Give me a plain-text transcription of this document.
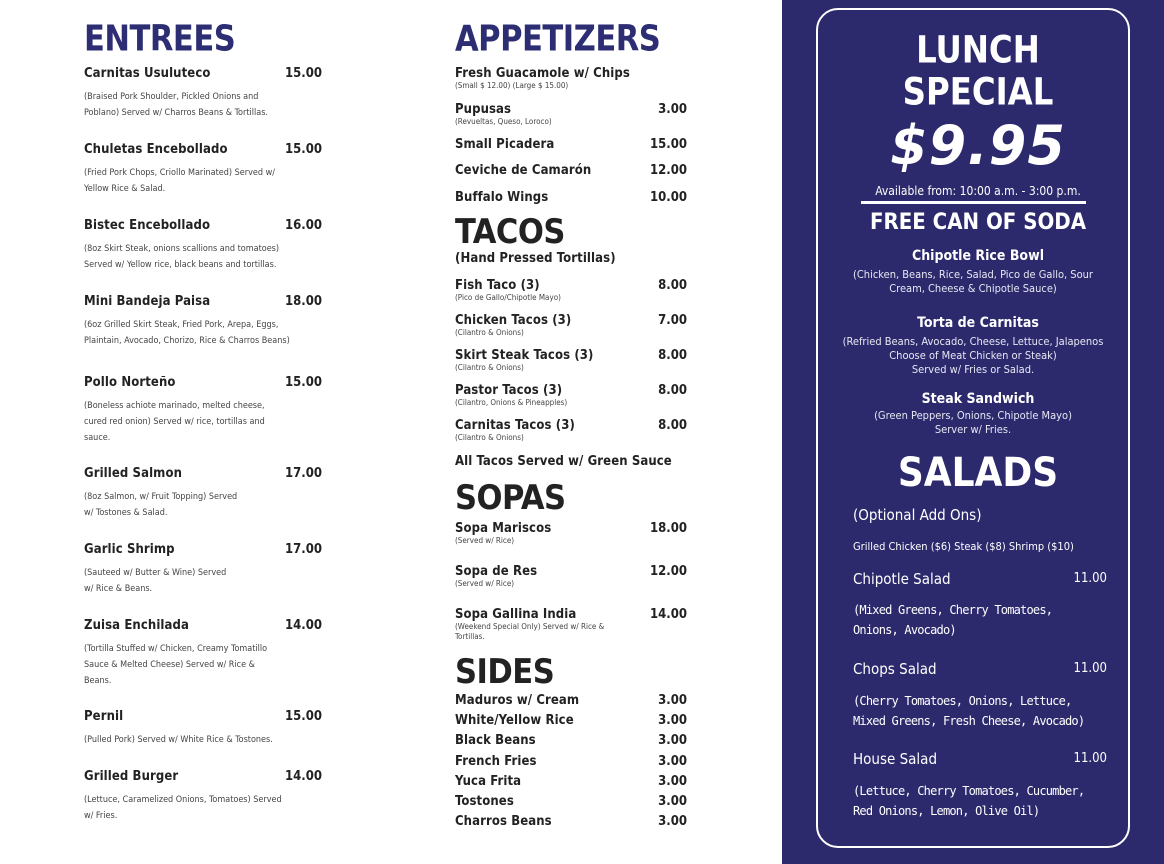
ENTREES
Carnitas Usuluteco	15.00
(Braised Pork Shoulder, Pickled Onions and Poblano) Served w/ Charros Beans & Tortillas.
Chuletas Encebollado	15.00
(Fried Pork Chops, Criollo Marinated) Served w/ Yellow Rice & Salad.
Bistec Encebollado	16.00
(8oz Skirt Steak, onions scallions and tomatoes) Served w/ Yellow rice, black beans and tortillas.
Mini Bandeja Paisa	18.00
(6oz Grilled Skirt Steak, Fried Pork, Arepa, Eggs, Plaintain, Avocado, Chorizo, Rice & Charros Beans)
Pollo Norteño	15.00
(Boneless achiote marinado, melted cheese, cured red onion) Served w/ rice, tortillas and sauce.
Grilled Salmon	17.00
(8oz Salmon, w/ Fruit Topping) Served w/ Tostones & Salad.
Garlic Shrimp	17.00
(Sauteed w/ Butter & Wine) Served w/ Rice & Beans.
Zuisa Enchilada	14.00
(Tortilla Stuffed w/ Chicken, Creamy Tomatillo Sauce & Melted Cheese) Served w/ Rice & Beans.
Pernil	15.00
(Pulled Pork) Served w/ White Rice & Tostones.
Grilled Burger	14.00
(Lettuce, Caramelized Onions, Tomatoes) Served w/ Fries.
APPETIZERS
Fresh Guacamole w/ Chips
(Small $ 12.00) (Large $ 15.00)
Pupusas	3.00
(Revueltas, Queso, Loroco)
Small Picadera	15.00
Ceviche de Camarón	12.00
Buffalo Wings	10.00
TACOS
(Hand Pressed Tortillas)
Fish Taco (3)	8.00
(Pico de Gallo/Chipotle Mayo)
Chicken Tacos (3)	7.00
(Cilantro & Onions)
Skirt Steak Tacos (3)	8.00
(Cilantro & Onions)
Pastor Tacos (3)	8.00
(Cilantro, Onions & Pineapples)
Carnitas Tacos (3)	8.00
(Cilantro & Onions)
All Tacos Served w/ Green Sauce
SOPAS
Sopa Mariscos	18.00
(Served w/ Rice)
Sopa de Res	12.00
(Served w/ Rice)
Sopa Gallina India	14.00
(Weekend Special Only) Served w/ Rice & Tortillas.
SIDES
Maduros w/ Cream	3.00
White/Yellow Rice	3.00
Black Beans	3.00
French Fries	3.00
Yuca Frita	3.00
Tostones	3.00
Charros Beans	3.00
LUNCH
SPECIAL
$9.95
Available from: 10:00 a.m. - 3:00 p.m.
FREE CAN OF SODA
Chipotle Rice Bowl
(Chicken, Beans, Rice, Salad, Pico de Gallo, Sour
Cream, Cheese & Chipotle Sauce)
Torta de Carnitas
(Refried Beans, Avocado, Cheese, Lettuce, Jalapenos
Choose of Meat Chicken or Steak)
Served w/ Fries or Salad.
Steak Sandwich
(Green Peppers, Onions, Chipotle Mayo)
Server w/ Fries.
SALADS
(Optional Add Ons)
Grilled Chicken ($6) Steak ($8) Shrimp ($10)
Chipotle Salad	11.00
(Mixed Greens, Cherry Tomatoes,
Onions, Avocado)
Chops Salad	11.00
(Cherry Tomatoes, Onions, Lettuce,
Mixed Greens, Fresh Cheese, Avocado)
House Salad	11.00
(Lettuce, Cherry Tomatoes, Cucumber,
Red Onions, Lemon, Olive Oil)
